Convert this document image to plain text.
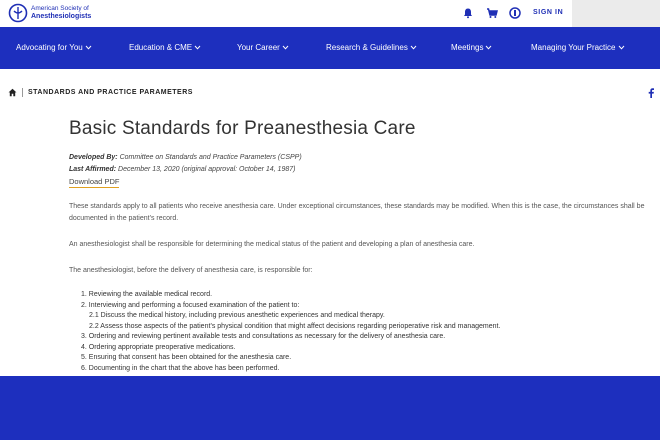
American Society of
Anesthesiologists
SIGN IN
Advocating for You	Education & CME	Your Career	Research & Guidelines	Meetings	Managing Your Practice
STANDARDS AND PRACTICE PARAMETERS
Basic Standards for Preanesthesia Care
Developed By: Committee on Standards and Practice Parameters (CSPP)
Last Affirmed: December 13, 2020 (original approval: October 14, 1987)
Download PDF

These standards apply to all patients who receive anesthesia care. Under exceptional circumstances, these standards may be modified. When this is the case, the circumstances shall be documented in the patient’s record.

An anesthesiologist shall be responsible for determining the medical status of the patient and developing a plan of anesthesia care.

The anesthesiologist, before the delivery of anesthesia care, is responsible for:

1. Reviewing the available medical record.
2. Interviewing and performing a focused examination of the patient to:
2.1 Discuss the medical history, including previous anesthetic experiences and medical therapy.
2.2 Assess those aspects of the patient’s physical condition that might affect decisions regarding perioperative risk and management.
3. Ordering and reviewing pertinent available tests and consultations as necessary for the delivery of anesthesia care.
4. Ordering appropriate preoperative medications.
5. Ensuring that consent has been obtained for the anesthesia care.
6. Documenting in the chart that the above has been performed.
